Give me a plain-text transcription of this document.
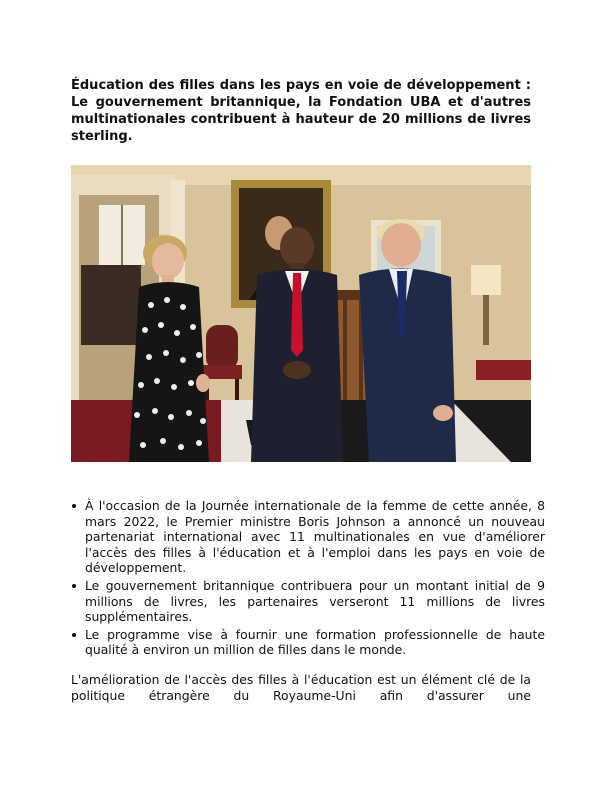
Éducation des filles dans les pays en voie de développement : Le gouvernement britannique, la Fondation UBA et d'autres multinationales contribuent à hauteur de 20 millions de livres sterling.

À l'occasion de la Journée internationale de la femme de cette année, 8 mars 2022, le Premier ministre Boris Johnson a annoncé un nouveau partenariat international avec 11 multinationales en vue d'améliorer l'accès des filles à l'éducation et à l'emploi dans les pays en voie de développement.
Le gouvernement britannique contribuera pour un montant initial de 9 millions de livres, les partenaires verseront 11 millions de livres supplémentaires.
Le programme vise à fournir une formation professionnelle de haute qualité à environ un million de filles dans le monde.

L'amélioration de l'accès des filles à l'éducation est un élément clé de la politique étrangère du Royaume-Uni afin d'assurer une
